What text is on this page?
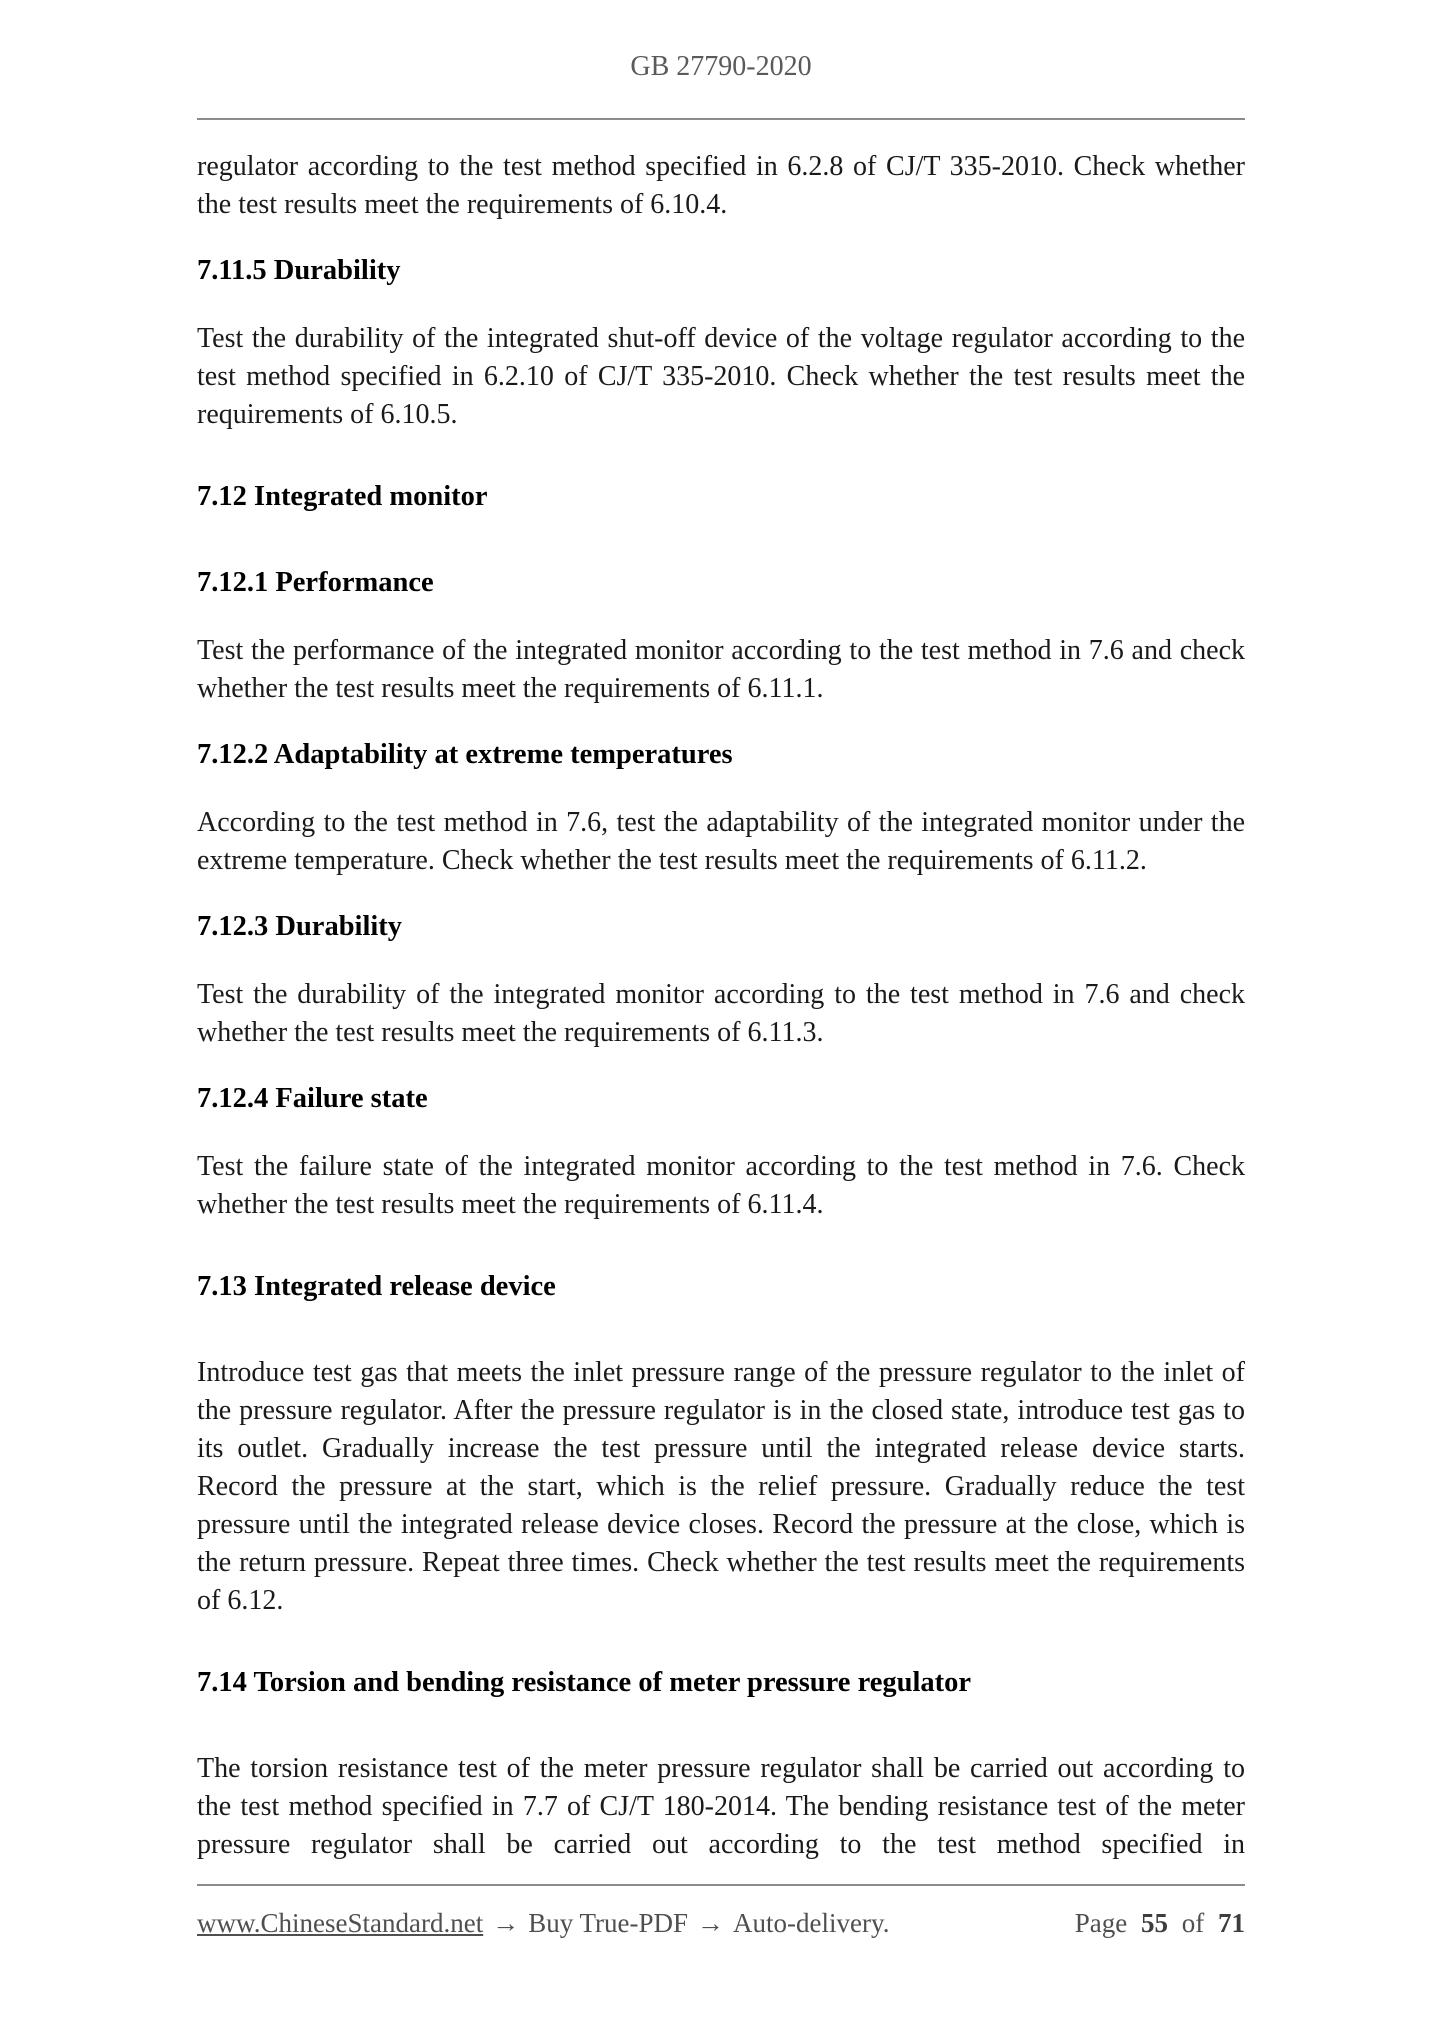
GB 27790-2020

regulator according to the test method specified in 6.2.8 of CJ/T 335-2010. Check whether the test results meet the requirements of 6.10.4.

7.11.5 Durability

Test the durability of the integrated shut-off device of the voltage regulator according to the test method specified in 6.2.10 of CJ/T 335-2010. Check whether the test results meet the requirements of 6.10.5.

7.12 Integrated monitor
7.12.1 Performance

Test the performance of the integrated monitor according to the test method in 7.6 and check whether the test results meet the requirements of 6.11.1.

7.12.2 Adaptability at extreme temperatures

According to the test method in 7.6, test the adaptability of the integrated monitor under the extreme temperature. Check whether the test results meet the requirements of 6.11.2.

7.12.3 Durability

Test the durability of the integrated monitor according to the test method in 7.6 and check whether the test results meet the requirements of 6.11.3.

7.12.4 Failure state

Test the failure state of the integrated monitor according to the test method in 7.6. Check whether the test results meet the requirements of 6.11.4.

7.13 Integrated release device

Introduce test gas that meets the inlet pressure range of the pressure regulator to the inlet of the pressure regulator. After the pressure regulator is in the closed state, introduce test gas to its outlet. Gradually increase the test pressure until the integrated release device starts. Record the pressure at the start, which is the relief pressure. Gradually reduce the test pressure until the integrated release device closes. Record the pressure at the close, which is the return pressure. Repeat three times. Check whether the test results meet the requirements of 6.12.

7.14 Torsion and bending resistance of meter pressure regulator

The torsion resistance test of the meter pressure regulator shall be carried out according to the test method specified in 7.7 of CJ/T 180-2014. The bending resistance test of the meter pressure regulator shall be carried out according to the test method specified in

www.ChineseStandard.net → Buy True-PDF → Auto-delivery.	Page 55 of 71
